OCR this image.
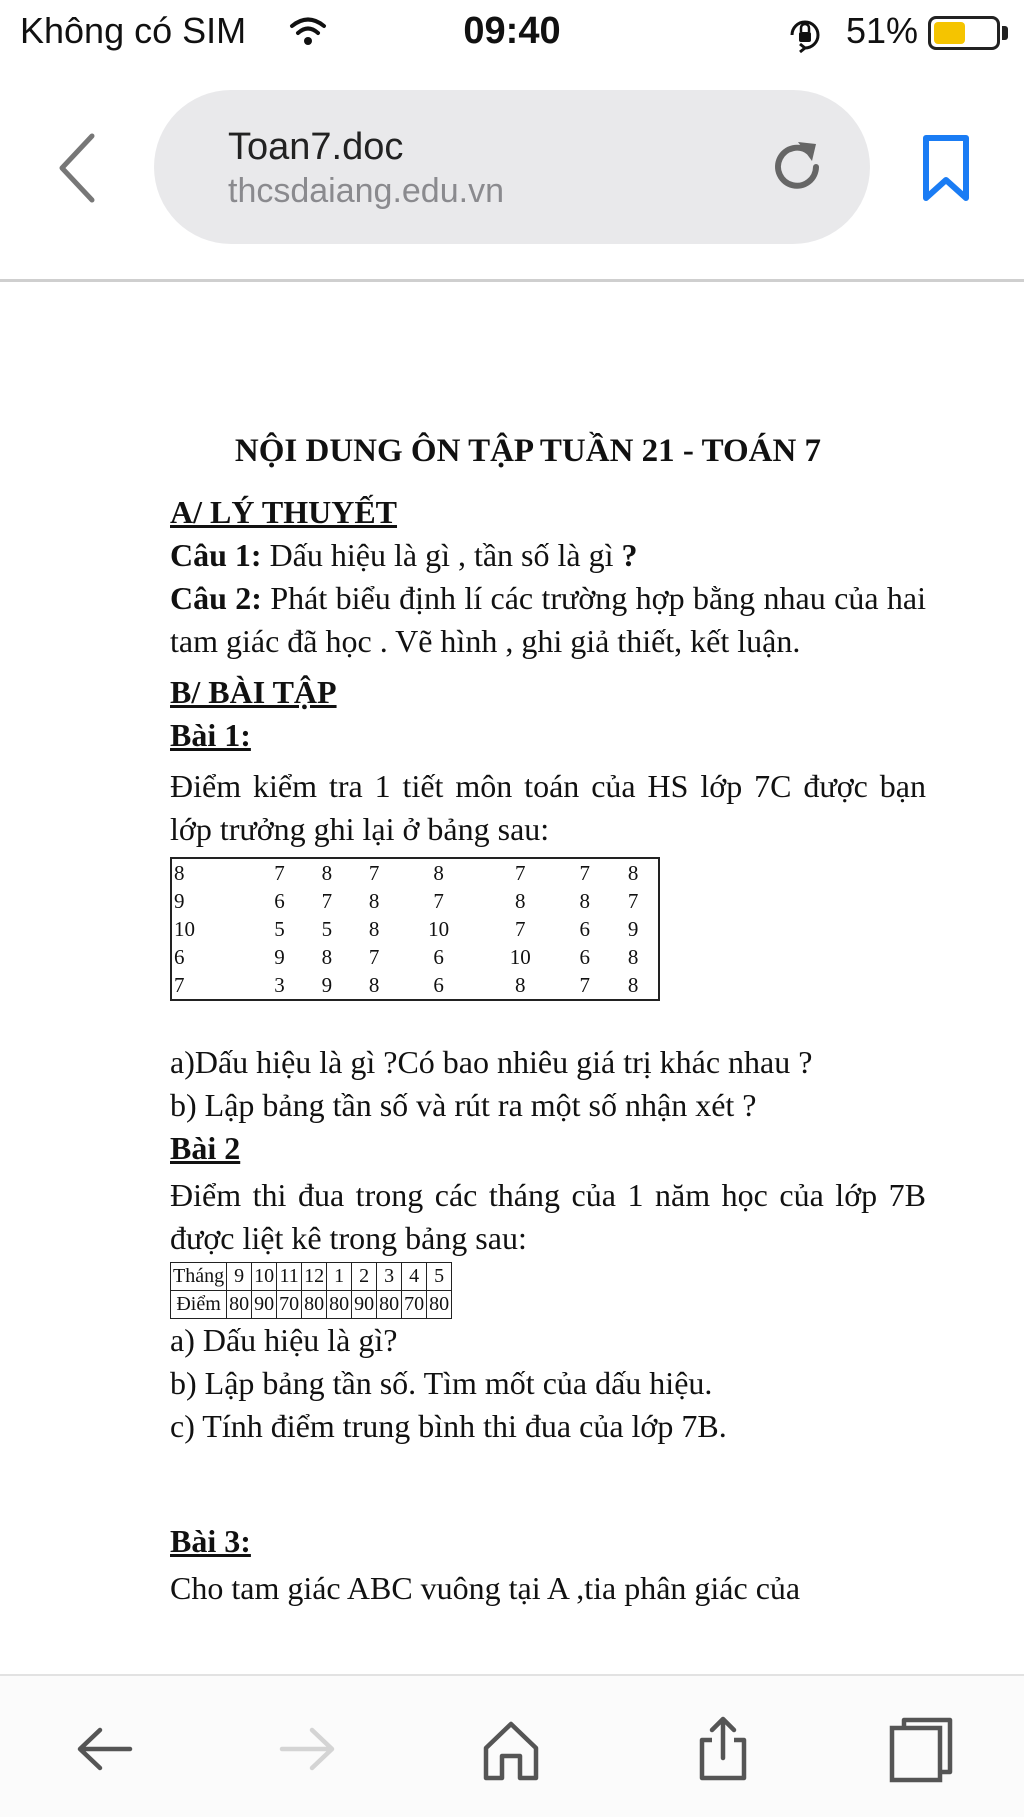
Không có SIM	09:40	51%
Toan7.doc
thcsdaiang.edu.vn
NỘI DUNG ÔN TẬP TUẦN 21 - TOÁN 7
A/ LÝ THUYẾT
Câu 1: Dấu hiệu là gì , tần số là gì ?
Câu 2: Phát biểu định lí các trường hợp bằng nhau của hai tam giác đã học . Vẽ hình , ghi giả thiết, kết luận.
B/ BÀI TẬP
Bài 1:
Điểm kiểm tra 1 tiết môn toán của HS lớp 7C được bạn lớp trưởng ghi lại ở bảng sau:
8	7	8	7	8	7	7	8
9	6	7	8	7	8	8	7
10	5	5	8	10	7	6	9
6	9	8	7	6	10	6	8
7	3	9	8	6	8	7	8
a)Dấu hiệu là gì ?Có bao nhiêu giá trị khác nhau ?
b) Lập bảng tần số và rút ra một số nhận xét ?
Bài 2
Điểm thi đua trong các tháng của 1 năm học của lớp 7B được liệt kê trong bảng sau:
Tháng	9	10	11	12	1	2	3	4	5
Điểm	80	90	70	80	80	90	80	70	80
a) Dấu hiệu là gì?
b) Lập bảng tần số. Tìm mốt của dấu hiệu.
c) Tính điểm trung bình thi đua của lớp 7B.
Bài 3:
Cho tam giác ABC vuông tại A ,tia phân giác của
